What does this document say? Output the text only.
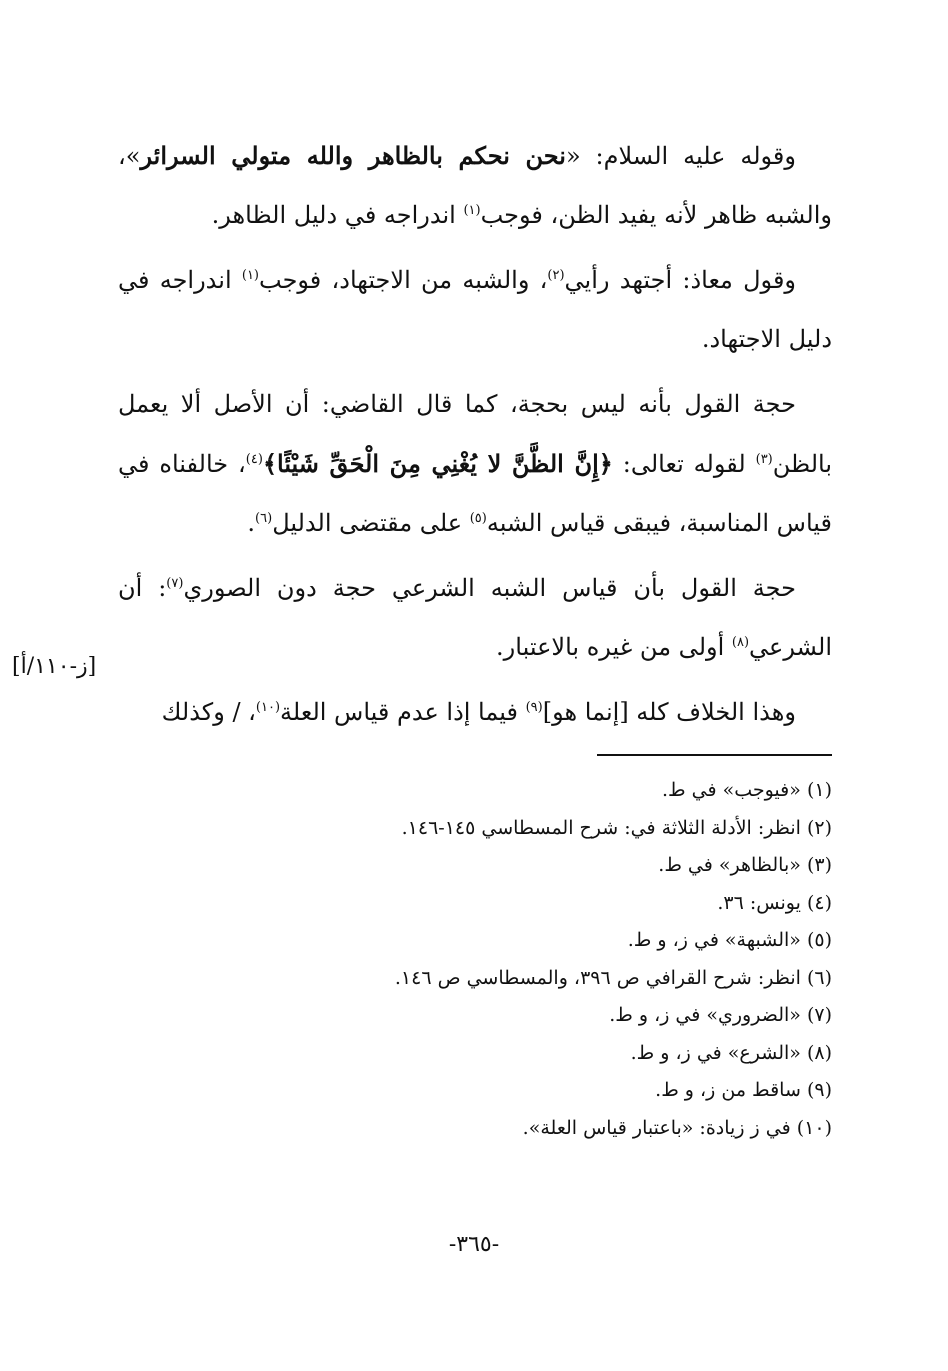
وقوله عليه السلام: «نحن نحكم بالظاهر والله متولي السرائر»، والشبه ظاهر لأنه يفيد الظن، فوجب$^{(١)}$ اندراجه في دليل الظاهر.

وقول معاذ: أجتهد رأيي$^{(٢)}$، والشبه من الاجتهاد، فوجب$^{(١)}$ اندراجه في دليل الاجتهاد.

حجة القول بأنه ليس بحجة، كما قال القاضي: أن الأصل ألا يعمل بالظن$^{(٣)}$ لقوله تعالى: ﴿إِنَّ الظَّنَّ لا يُغْنِي مِنَ الْحَقِّ شَيْئًا﴾$^{(٤)}$، خالفناه في قياس المناسبة، فيبقى قياس الشبه$^{(٥)}$ على مقتضى الدليل$^{(٦)}$.

حجة القول بأن قياس الشبه الشرعي حجة دون الصوري$^{(٧)}$: أن الشرعي$^{(٨)}$ أولى من غيره بالاعتبار.

وهذا الخلاف كله [إنما هو]$^{(٩)}$ فيما إذا عدم قياس العلة$^{(١٠)}$، / وكذلك

[ز-١١٠/أ]
(١) «فيوجب» في ط.
(٢) انظر: الأدلة الثلاثة في: شرح المسطاسي ١٤٥-١٤٦.
(٣) «بالظاهر» في ط.
(٤) يونس: ٣٦.
(٥) «الشبهة» في ز، و ط.
(٦) انظر: شرح القرافي ص ٣٩٦، والمسطاسي ص ١٤٦.
(٧) «الضروري» في ز، و ط.
(٨) «الشرع» في ز، و ط.
(٩) ساقط من ز، و ط.
(١٠) في ز زيادة: «باعتبار قياس العلة».
-٣٦٥-
